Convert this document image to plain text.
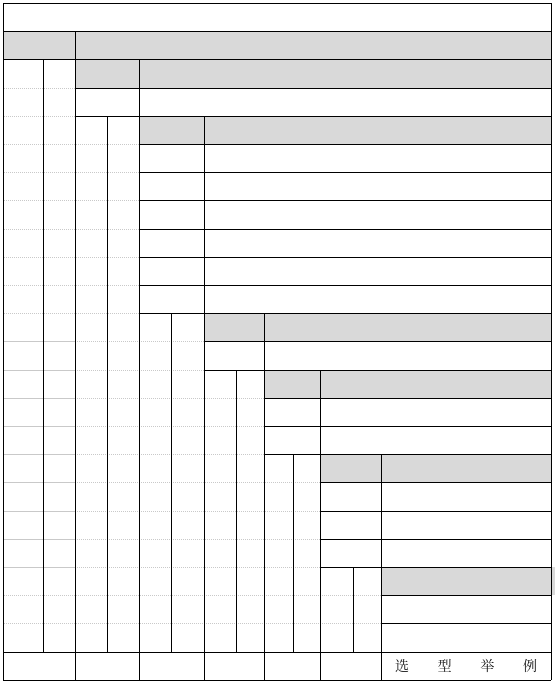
选 型 举 例
